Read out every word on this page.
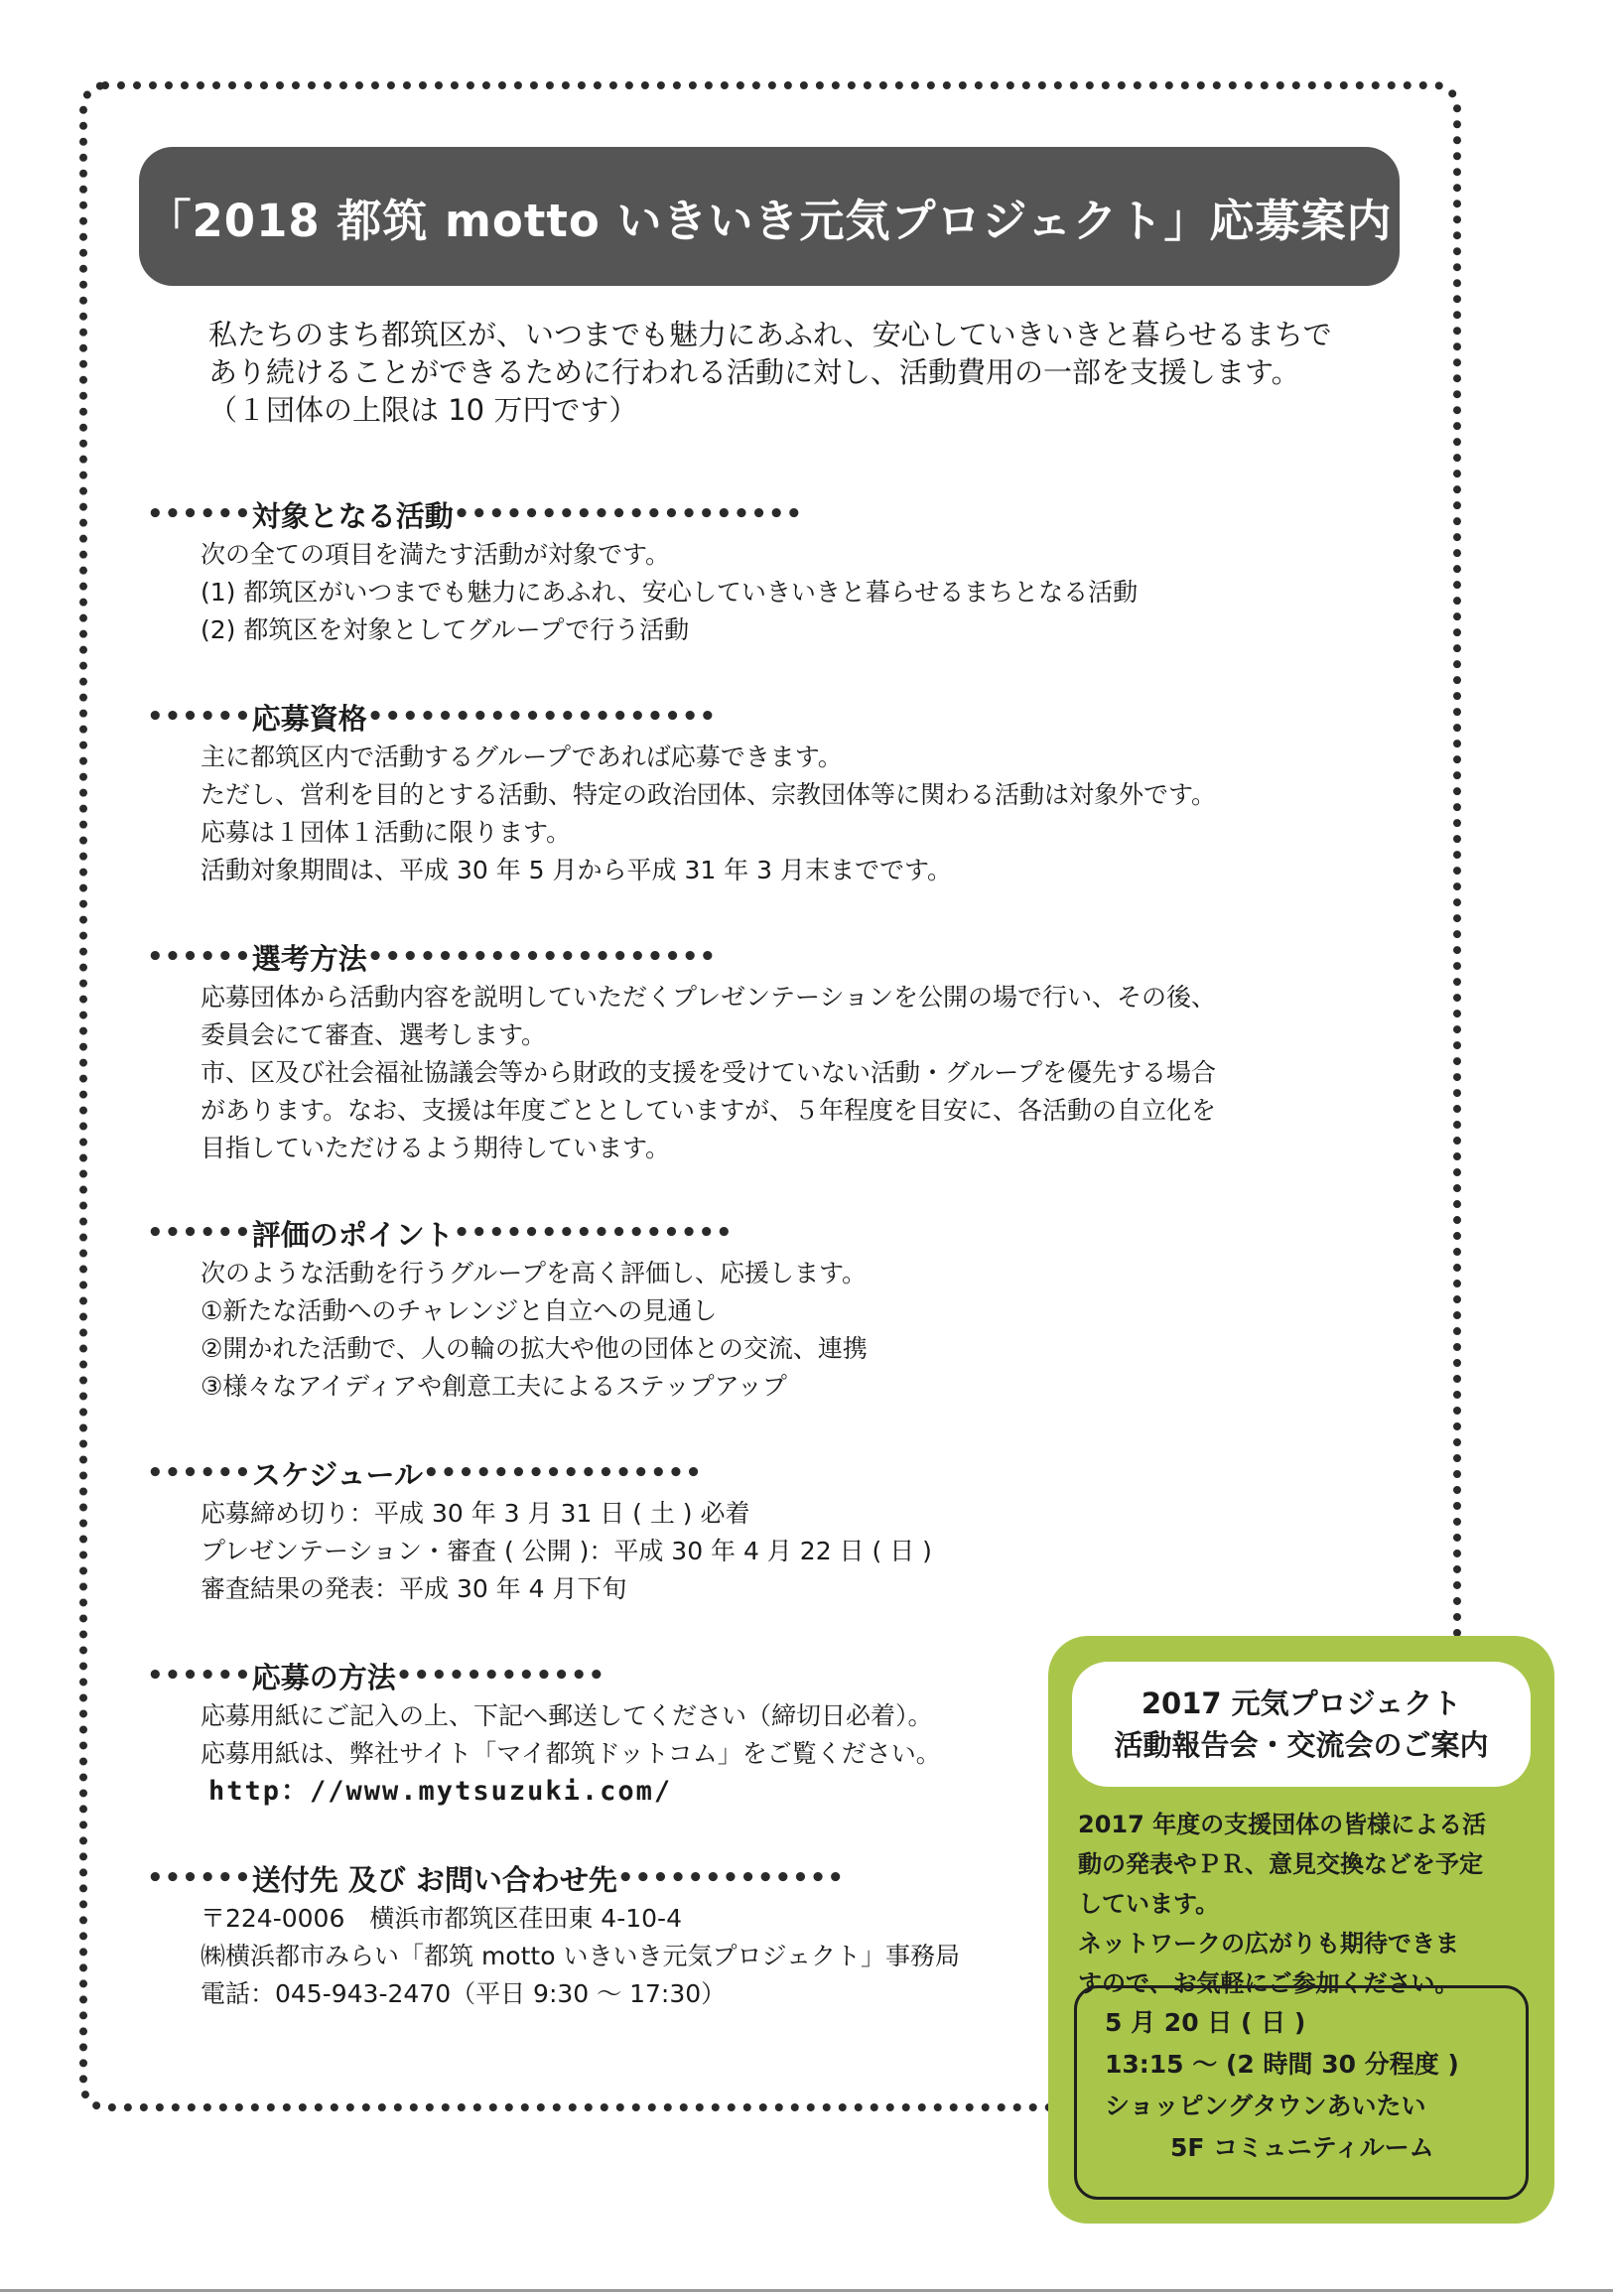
「2018 都筑 motto いきいき元気プロジェクト」応募案内

私たちのまち都筑区が、いつまでも魅力にあふれ、安心していきいきと暮らせるまちで

あり続けることができるために行われる活動に対し、活動費用の一部を支援します。

（１団体の上限は 10 万円です）

•••••• 対象となる活動 ••••••••••••••••••••

次の全ての項目を満たす活動が対象です。

(1) 都筑区がいつまでも魅力にあふれ、安心していきいきと暮らせるまちとなる活動

(2) 都筑区を対象としてグループで行う活動

•••••• 応募資格 ••••••••••••••••••••

主に都筑区内で活動するグループであれば応募できます。

ただし、営利を目的とする活動、特定の政治団体、宗教団体等に関わる活動は対象外です。

応募は１団体１活動に限ります。

活動対象期間は、平成 30 年 5 月から平成 31 年 3 月末までです。

•••••• 選考方法 ••••••••••••••••••••

応募団体から活動内容を説明していただくプレゼンテーションを公開の場で行い、その後、

委員会にて審査、選考します。

市、区及び社会福祉協議会等から財政的支援を受けていない活動・グループを優先する場合

があります。なお、支援は年度ごととしていますが、５年程度を目安に、各活動の自立化を

目指していただけるよう期待しています。

•••••• 評価のポイント ••••••••••••••••

次のような活動を行うグループを高く評価し、応援します。

①新たな活動へのチャレンジと自立への見通し

②開かれた活動で、人の輪の拡大や他の団体との交流、連携

③様々なアイディアや創意工夫によるステップアップ

•••••• スケジュール ••••••••••••••••

応募締め切り：平成 30 年 3 月 31 日 ( 土 ) 必着

プレゼンテーション・審査 ( 公開 )：平成 30 年 4 月 22 日 ( 日 )

審査結果の発表：平成 30 年 4 月下旬

•••••• 応募の方法 ••••••••••••

応募用紙にご記入の上、下記へ郵送してください（締切日必着）。

応募用紙は、弊社サイト「マイ都筑ドットコム」をご覧ください。

http：//www.mytsuzuki.com/

•••••• 送付先 及び お問い合わせ先 •••••••••••••

〒224-0006　横浜市都筑区荏田東 4-10-4

㈱横浜都市みらい「都筑 motto いきいき元気プロジェクト」事務局

電話：045-943-2470（平日 9:30 ～ 17:30）

2017 元気プロジェクト
活動報告会・交流会のご案内

2017 年度の支援団体の皆様による活

動の発表やＰＲ、意見交換などを予定

しています。

ネットワークの広がりも期待できま

すので、お気軽にご参加ください。

5 月 20 日 ( 日 )

13:15 ～ (2 時間 30 分程度 )

ショッピングタウンあいたい

5F コミュニティルーム
